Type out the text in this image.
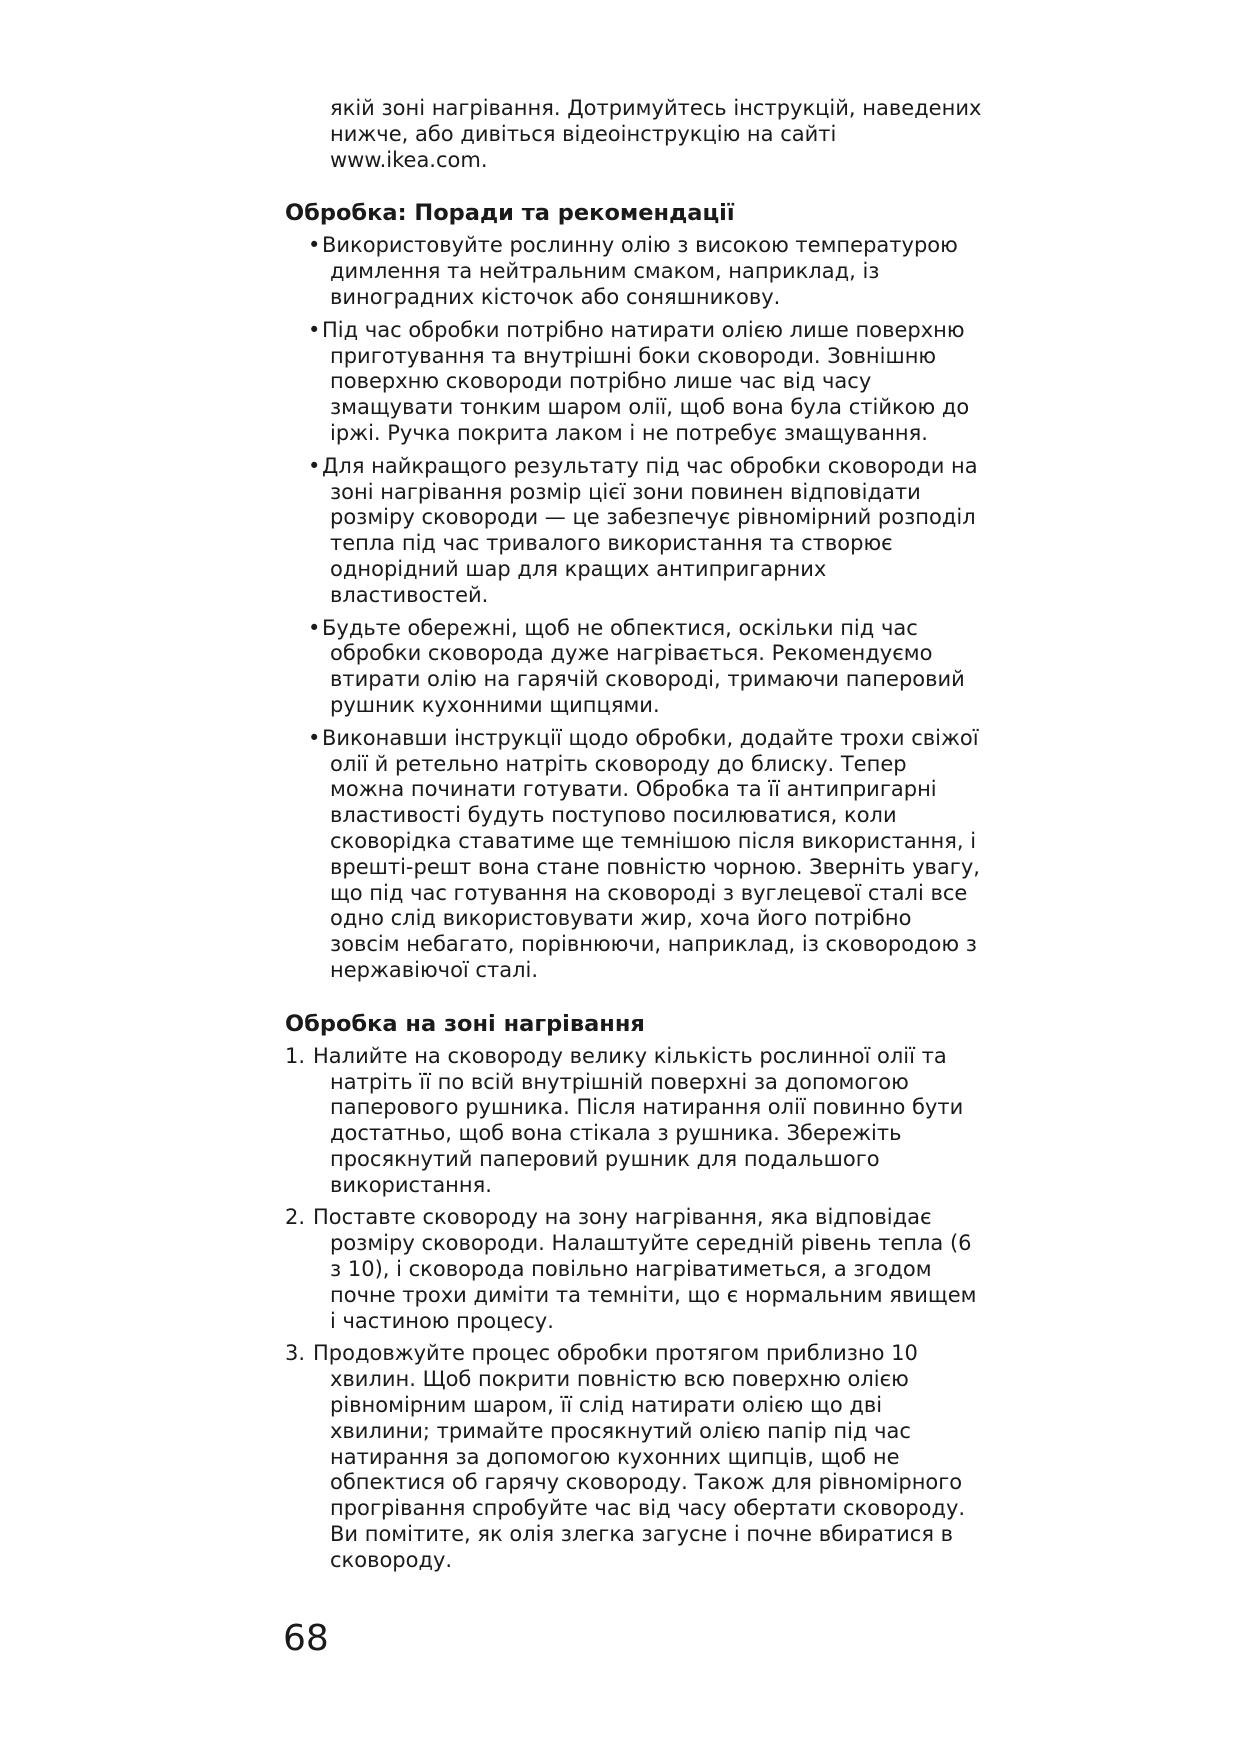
якій зоні нагрівання. Дотримуйтесь інструкцій, наведених нижче, або дивіться відеоінструкцію на сайті www.ikea.com.

Обробка: Поради та рекомендації
•Використовуйте рослинну олію з високою температурою димлення та нейтральним смаком, наприклад, із виноградних кісточок або соняшникову.
•Під час обробки потрібно натирати олією лише поверхню приготування та внутрішні боки сковороди. Зовнішню поверхню сковороди потрібно лише час від часу змащувати тонким шаром олії, щоб вона була стійкою до іржі. Ручка покрита лаком і не потребує змащування.
•Для найкращого результату під час обробки сковороди на зоні нагрівання розмір цієї зони повинен відповідати розміру сковороди — це забезпечує рівномірний розподіл тепла під час тривалого використання та створює однорідний шар для кращих антипригарних властивостей.
•Будьте обережні, щоб не обпектися, оскільки під час обробки сковорода дуже нагрівається. Рекомендуємо втирати олію на гарячій сковороді, тримаючи паперовий рушник кухонними щипцями.
•Виконавши інструкції щодо обробки, додайте трохи свіжої олії й ретельно натріть сковороду до блиску. Тепер можна починати готувати. Обробка та її антипригарні властивості будуть поступово посилюватися, коли сковорідка ставатиме ще темнішою після використання, і врешті-решт вона стане повністю чорною. Зверніть увагу, що під час готування на сковороді з вуглецевої сталі все одно слід використовувати жир, хоча його потрібно зовсім небагато, порівнюючи, наприклад, із сковородою з нержавіючої сталі.
Обробка на зоні нагрівання
1. Налийте на сковороду велику кількість рослинної олії та натріть її по всій внутрішній поверхні за допомогою паперового рушника. Після натирання олії повинно бути достатньо, щоб вона стікала з рушника. Збережіть просякнутий паперовий рушник для подальшого використання.
2. Поставте сковороду на зону нагрівання, яка відповідає розміру сковороди. Налаштуйте середній рівень тепла (6 з 10), і сковорода повільно нагріватиметься, а згодом почне трохи диміти та темніти, що є нормальним явищем і частиною процесу.
3. Продовжуйте процес обробки протягом приблизно 10 хвилин. Щоб покрити повністю всю поверхню олією рівномірним шаром, її слід натирати олією що дві хвилини; тримайте просякнутий олією папір під час натирання за допомогою кухонних щипців, щоб не обпектися об гарячу сковороду. Також для рівномірного прогрівання спробуйте час від часу обертати сковороду. Ви помітите, як олія злегка загусне і почне вбиратися в сковороду.
68
